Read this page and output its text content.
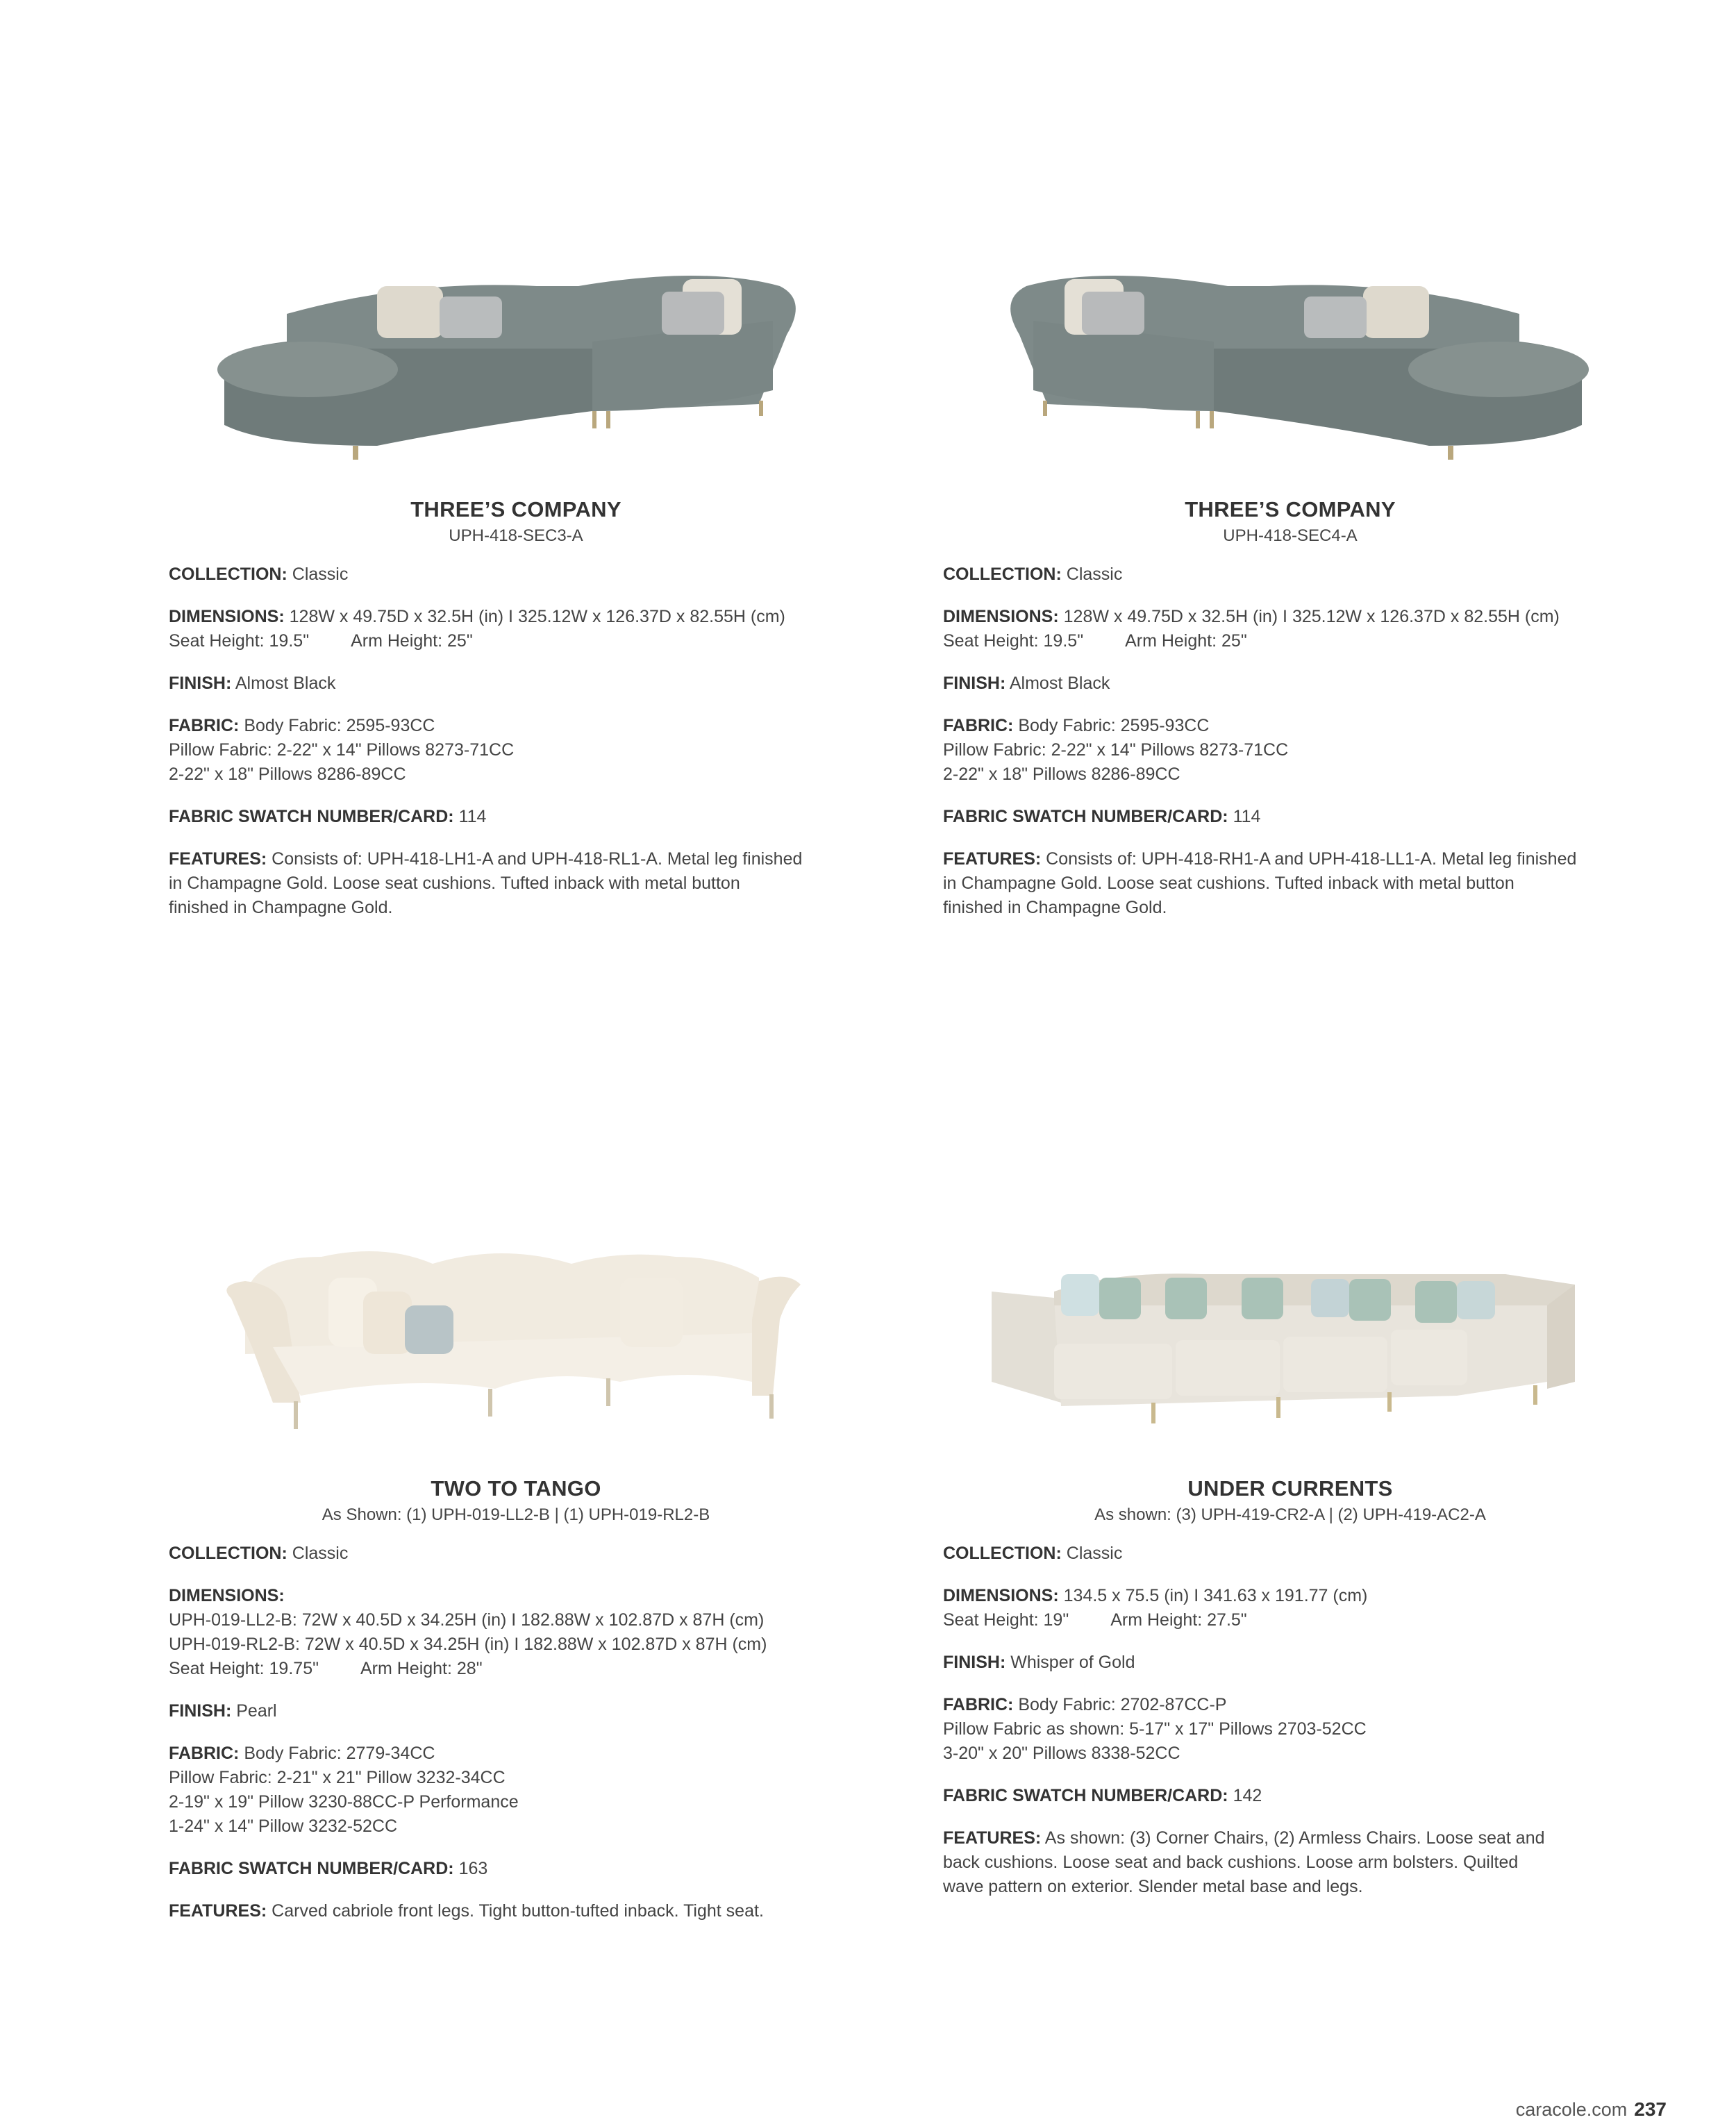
THREE’S COMPANY
UPH-418-SEC3-A
COLLECTION: Classic
DIMENSIONS: 128W x 49.75D x 32.5H (in) I 325.12W x 126.37D x 82.55H (cm)
Seat Height: 19.5" Arm Height: 25"
FINISH: Almost Black
FABRIC: Body Fabric: 2595-93CC
Pillow Fabric: 2-22" x 14" Pillows 8273-71CC
2-22" x 18" Pillows 8286-89CC
FABRIC SWATCH NUMBER/CARD: 114
FEATURES: Consists of: UPH-418-LH1-A and UPH-418-RL1-A. Metal leg finished
in Champagne Gold. Loose seat cushions. Tufted inback with metal button
finished in Champagne Gold.
THREE’S COMPANY
UPH-418-SEC4-A
COLLECTION: Classic
DIMENSIONS: 128W x 49.75D x 32.5H (in) I 325.12W x 126.37D x 82.55H (cm)
Seat Height: 19.5" Arm Height: 25"
FINISH: Almost Black
FABRIC: Body Fabric: 2595-93CC
Pillow Fabric: 2-22" x 14" Pillows 8273-71CC
2-22" x 18" Pillows 8286-89CC
FABRIC SWATCH NUMBER/CARD: 114
FEATURES: Consists of: UPH-418-RH1-A and UPH-418-LL1-A. Metal leg finished
in Champagne Gold. Loose seat cushions. Tufted inback with metal button
finished in Champagne Gold.
TWO TO TANGO
As Shown: (1) UPH-019-LL2-B | (1) UPH-019-RL2-B
COLLECTION: Classic
DIMENSIONS:
UPH-019-LL2-B: 72W x 40.5D x 34.25H (in) I 182.88W x 102.87D x 87H (cm)
UPH-019-RL2-B: 72W x 40.5D x 34.25H (in) I 182.88W x 102.87D x 87H (cm)
Seat Height: 19.75" Arm Height: 28"
FINISH: Pearl
FABRIC: Body Fabric: 2779-34CC
Pillow Fabric: 2-21" x 21" Pillow 3232-34CC
2-19" x 19" Pillow 3230-88CC-P Performance
1-24" x 14" Pillow 3232-52CC
FABRIC SWATCH NUMBER/CARD: 163
FEATURES: Carved cabriole front legs. Tight button-tufted inback. Tight seat.
UNDER CURRENTS
As shown: (3) UPH-419-CR2-A | (2) UPH-419-AC2-A
COLLECTION: Classic
DIMENSIONS: 134.5 x 75.5 (in) I 341.63 x 191.77 (cm)
Seat Height: 19" Arm Height: 27.5"
FINISH: Whisper of Gold
FABRIC: Body Fabric: 2702-87CC-P
Pillow Fabric as shown: 5-17" x 17" Pillows 2703-52CC
3-20" x 20" Pillows 8338-52CC
FABRIC SWATCH NUMBER/CARD: 142
FEATURES: As shown: (3) Corner Chairs, (2) Armless Chairs. Loose seat and
back cushions. Loose seat and back cushions. Loose arm bolsters. Quilted
wave pattern on exterior. Slender metal base and legs.
caracole.com 237
